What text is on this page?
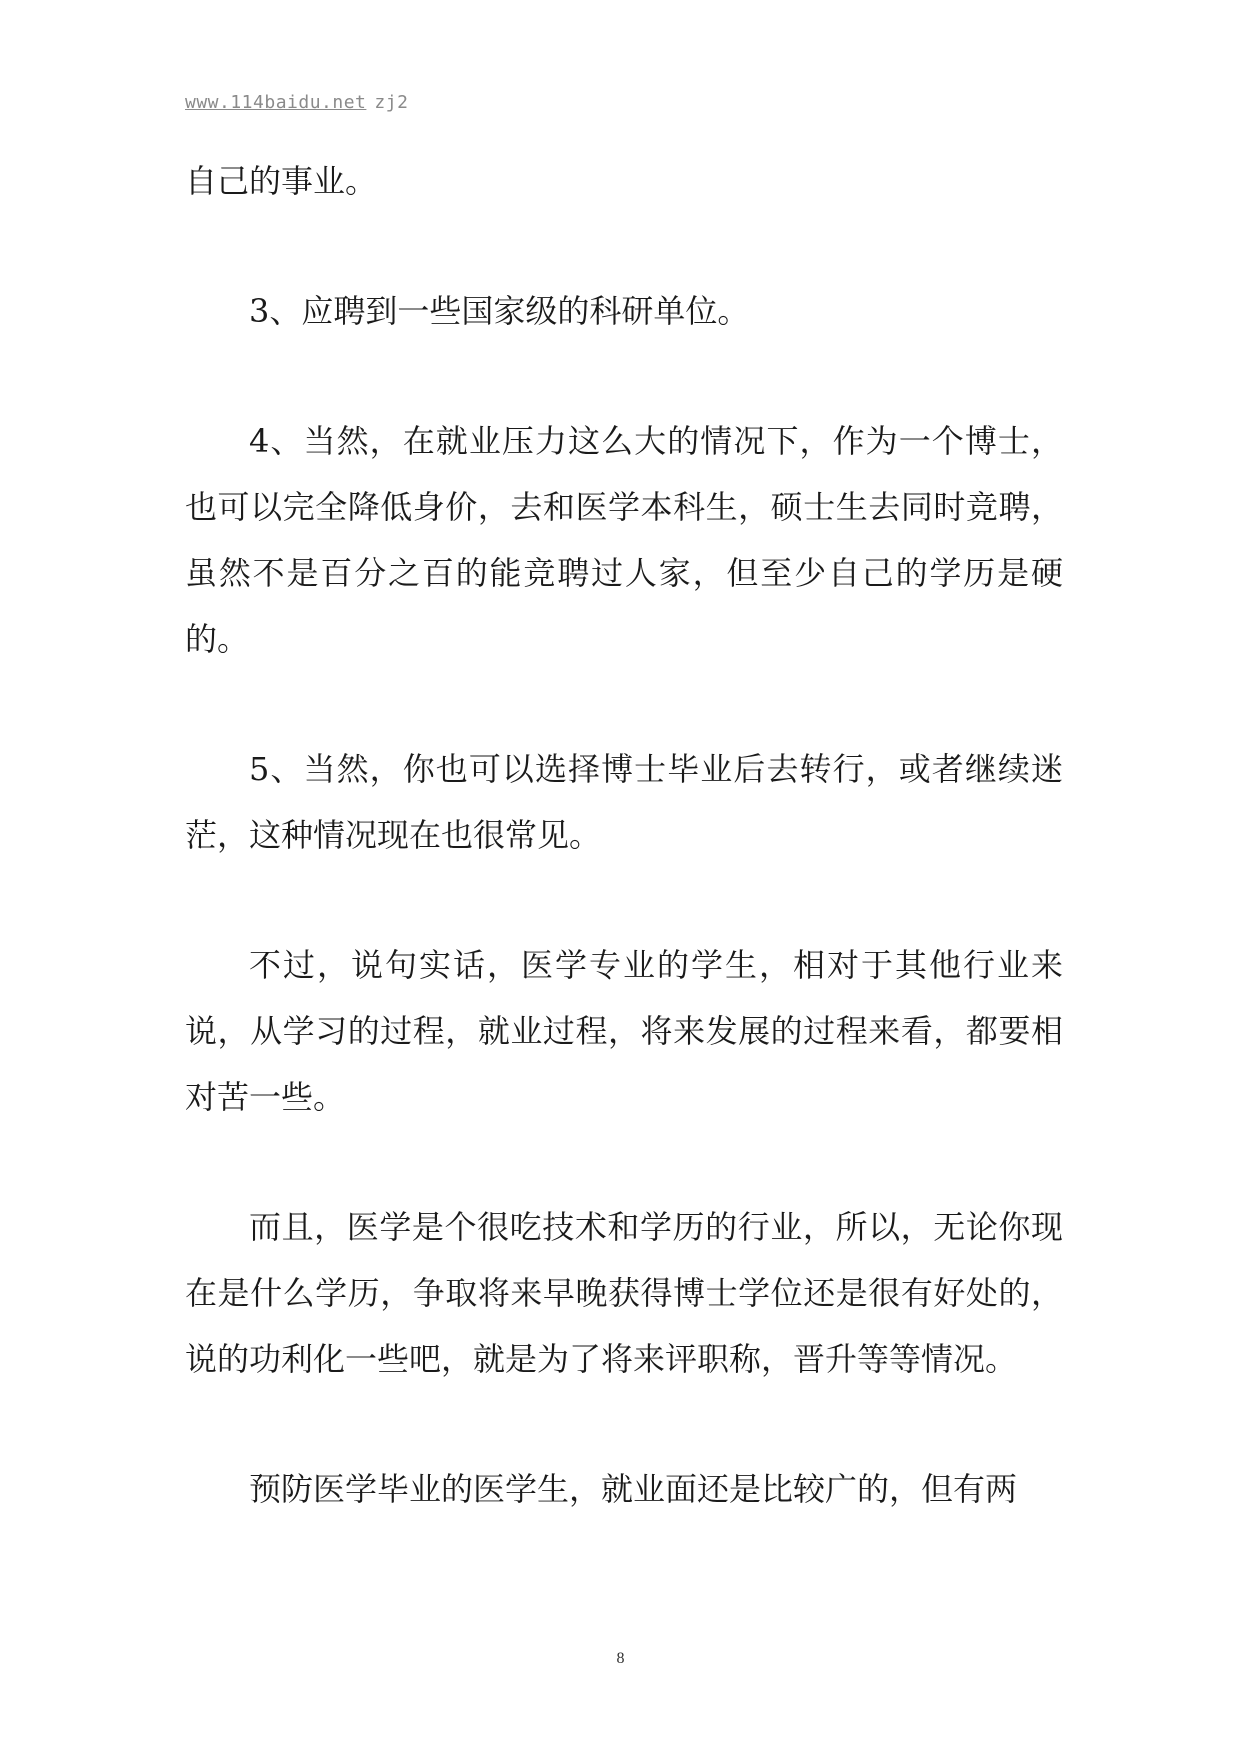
www.114baidu.net zj2

自己的事业。

3、应聘到一些国家级的科研单位。

4、当然，在就业压力这么大的情况下，作为一个博士，也可以完全降低身价，去和医学本科生，硕士生去同时竞聘，虽然不是百分之百的能竞聘过人家，但至少自己的学历是硬的。

5、当然，你也可以选择博士毕业后去转行，或者继续迷茫，这种情况现在也很常见。

不过，说句实话，医学专业的学生，相对于其他行业来说，从学习的过程，就业过程，将来发展的过程来看，都要相对苦一些。

而且，医学是个很吃技术和学历的行业，所以，无论你现在是什么学历，争取将来早晚获得博士学位还是很有好处的，说的功利化一些吧，就是为了将来评职称，晋升等等情况。

预防医学毕业的医学生，就业面还是比较广的，但有两

8
